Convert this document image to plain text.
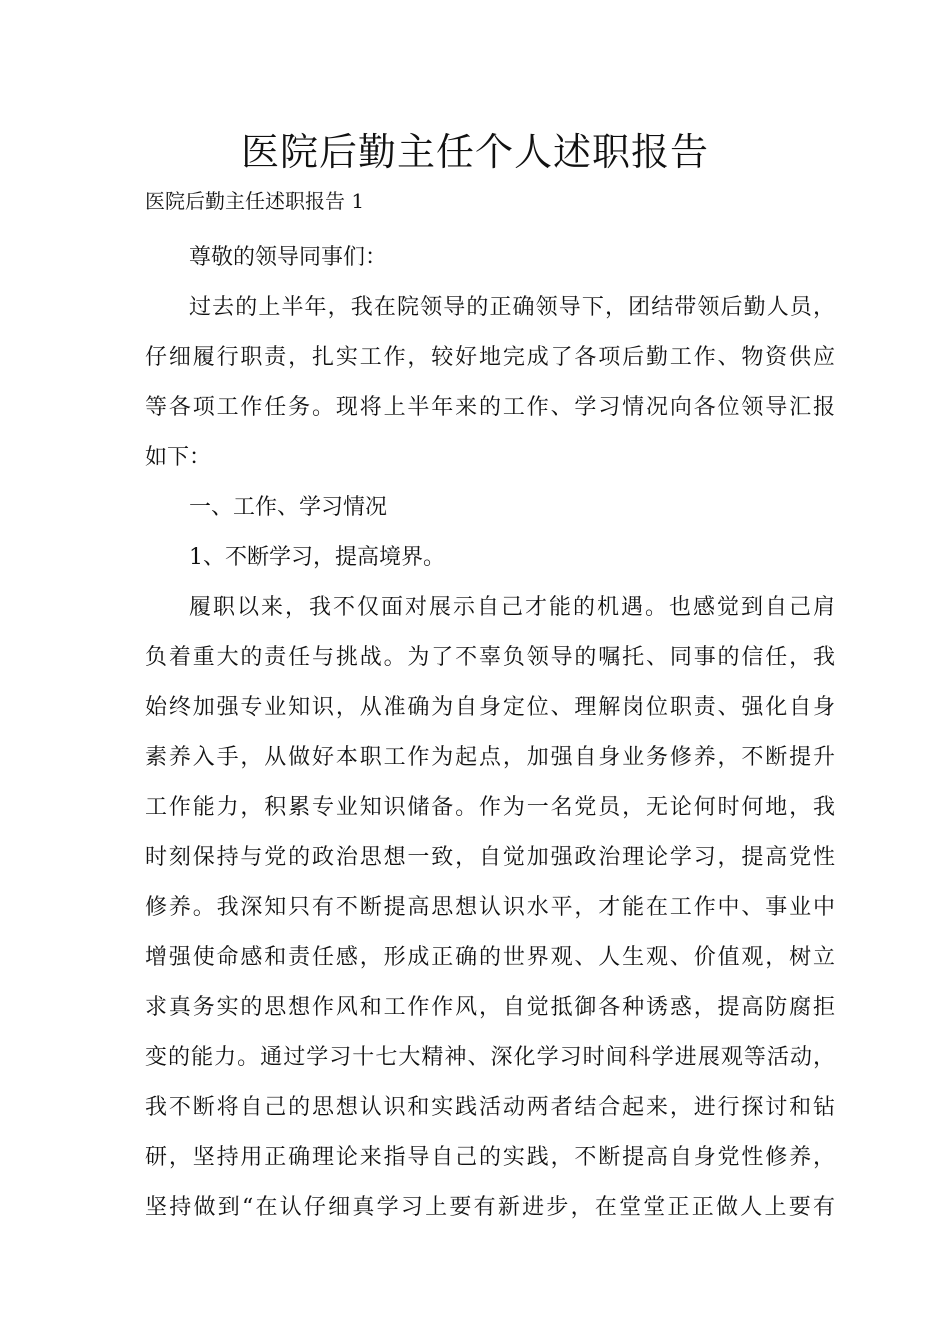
医院后勤主任个人述职报告

医院后勤主任述职报告 1

尊敬的领导同事们：

过去的上半年，我在院领导的正确领导下，团结带领后勤人员，
仔细履行职责，扎实工作，较好地完成了各项后勤工作、物资供应
等各项工作任务。现将上半年来的工作、学习情况向各位领导汇报
如下：

一、工作、学习情况

1、不断学习，提高境界。

履职以来，我不仅面对展示自己才能的机遇。也感觉到自己肩
负着重大的责任与挑战。为了不辜负领导的嘱托、同事的信任，我
始终加强专业知识，从准确为自身定位、理解岗位职责、强化自身
素养入手，从做好本职工作为起点，加强自身业务修养，不断提升
工作能力，积累专业知识储备。作为一名党员，无论何时何地，我
时刻保持与党的政治思想一致，自觉加强政治理论学习，提高党性
修养。我深知只有不断提高思想认识水平，才能在工作中、事业中
增强使命感和责任感，形成正确的世界观、人生观、价值观，树立
求真务实的思想作风和工作作风，自觉抵御各种诱惑，提高防腐拒
变的能力。通过学习十七大精神、深化学习时间科学进展观等活动，
我不断将自己的思想认识和实践活动两者结合起来，进行探讨和钻
研，坚持用正确理论来指导自己的实践，不断提高自身党性修养，
坚持做到“在认仔细真学习上要有新进步，在堂堂正正做人上要有
